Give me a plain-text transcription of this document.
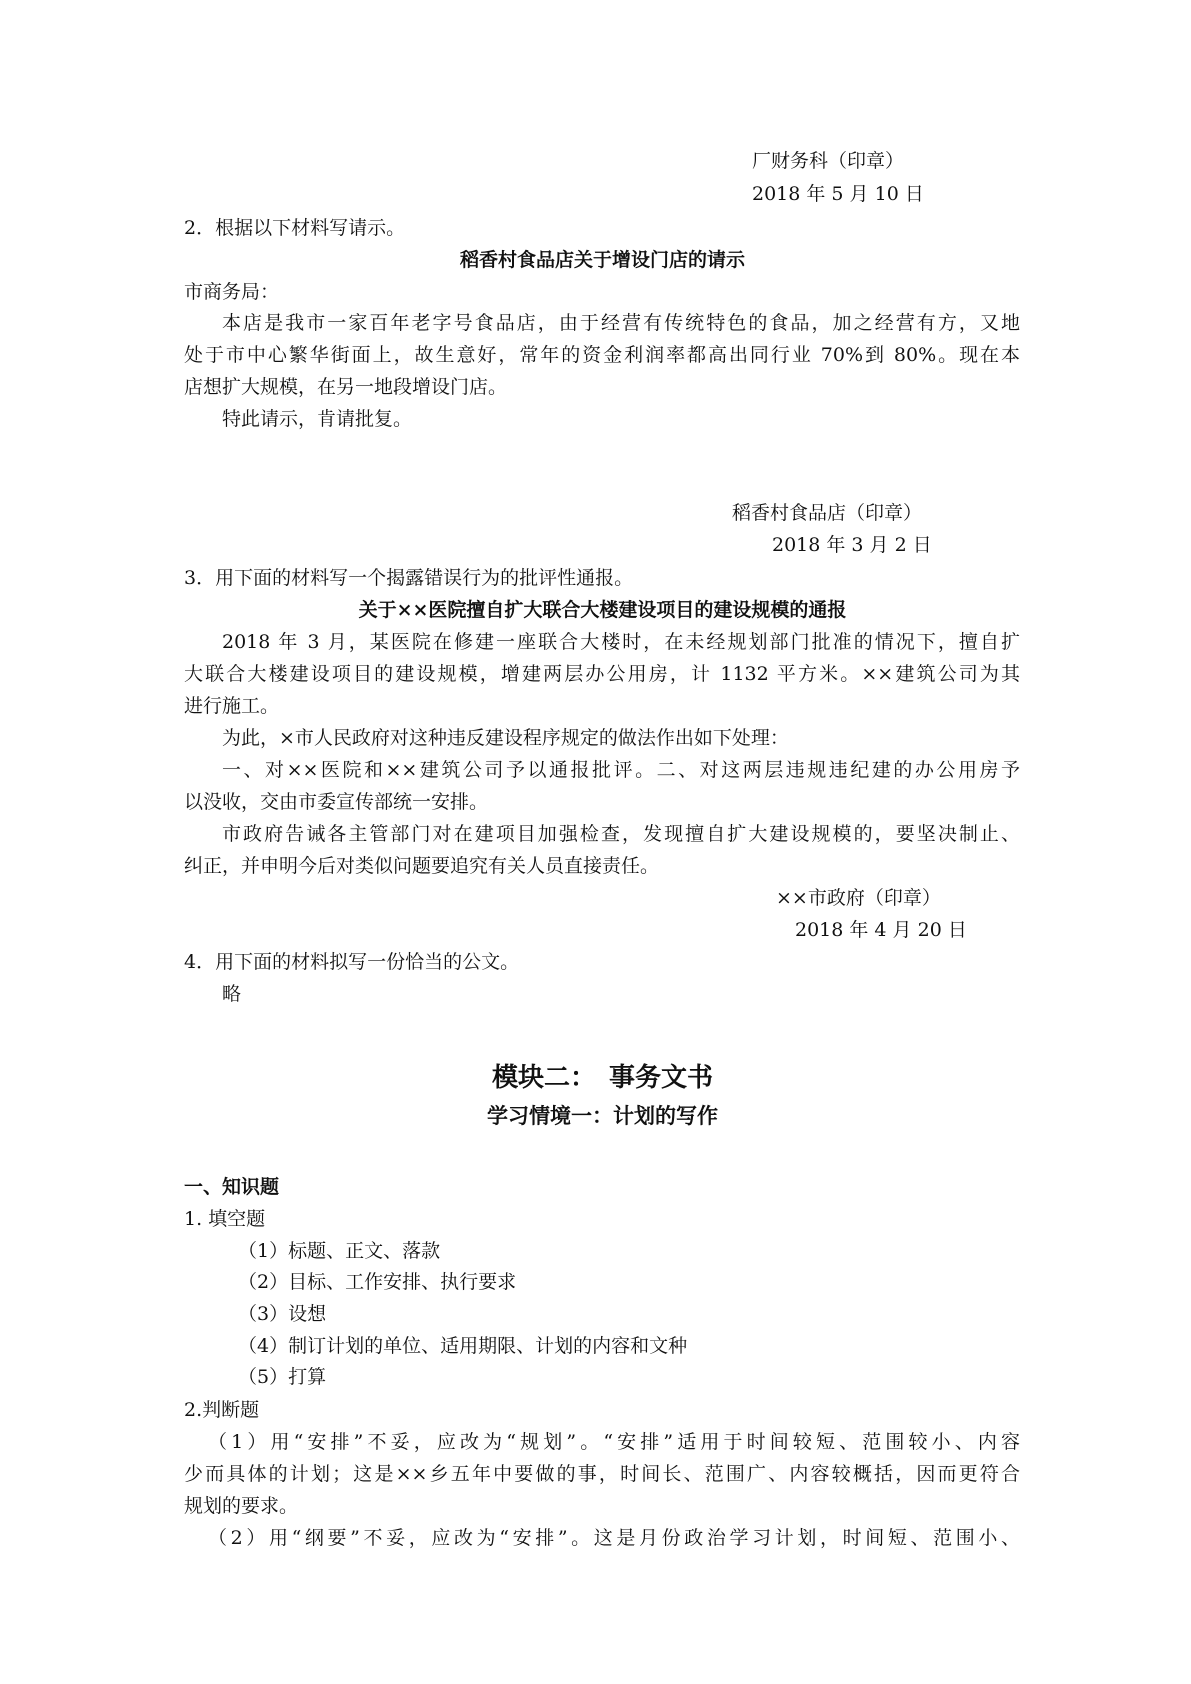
厂财务科（印章）
2018 年 5 月 10 日
2．根据以下材料写请示。
稻香村食品店关于增设门店的请示
市商务局：
本店是我市一家百年老字号食品店，由于经营有传统特色的食品，加之经营有方，又地
处于市中心繁华街面上，故生意好，常年的资金利润率都高出同行业 70%到 80%。现在本
店想扩大规模，在另一地段增设门店。
特此请示，肯请批复。
稻香村食品店（印章）
2018 年 3 月 2 日
3．用下面的材料写一个揭露错误行为的批评性通报。
关于××医院擅自扩大联合大楼建设项目的建设规模的通报
2018 年 3 月，某医院在修建一座联合大楼时，在未经规划部门批准的情况下，擅自扩
大联合大楼建设项目的建设规模，增建两层办公用房，计 1132 平方米。××建筑公司为其
进行施工。
为此，×市人民政府对这种违反建设程序规定的做法作出如下处理：
一、对××医院和××建筑公司予以通报批评。二、对这两层违规违纪建的办公用房予
以没收，交由市委宣传部统一安排。
市政府告诫各主管部门对在建项目加强检查，发现擅自扩大建设规模的，要坚决制止、
纠正，并申明今后对类似问题要追究有关人员直接责任。
××市政府（印章）
2018 年 4 月 20 日
4．用下面的材料拟写一份恰当的公文。
略
模块二：　事务文书
学习情境一：计划的写作
一、知识题
1. 填空题
（1）标题、正文、落款
（2）目标、工作安排、执行要求
（3）设想
（4）制订计划的单位、适用期限、计划的内容和文种
（5）打算
2.判断题
（1）用“安排”不妥，应改为“规划”。“安排”适用于时间较短、范围较小、内容
少而具体的计划；这是××乡五年中要做的事，时间长、范围广、内容较概括，因而更符合
规划的要求。
（2）用“纲要”不妥，应改为“安排”。这是月份政治学习计划，时间短、范围小、
